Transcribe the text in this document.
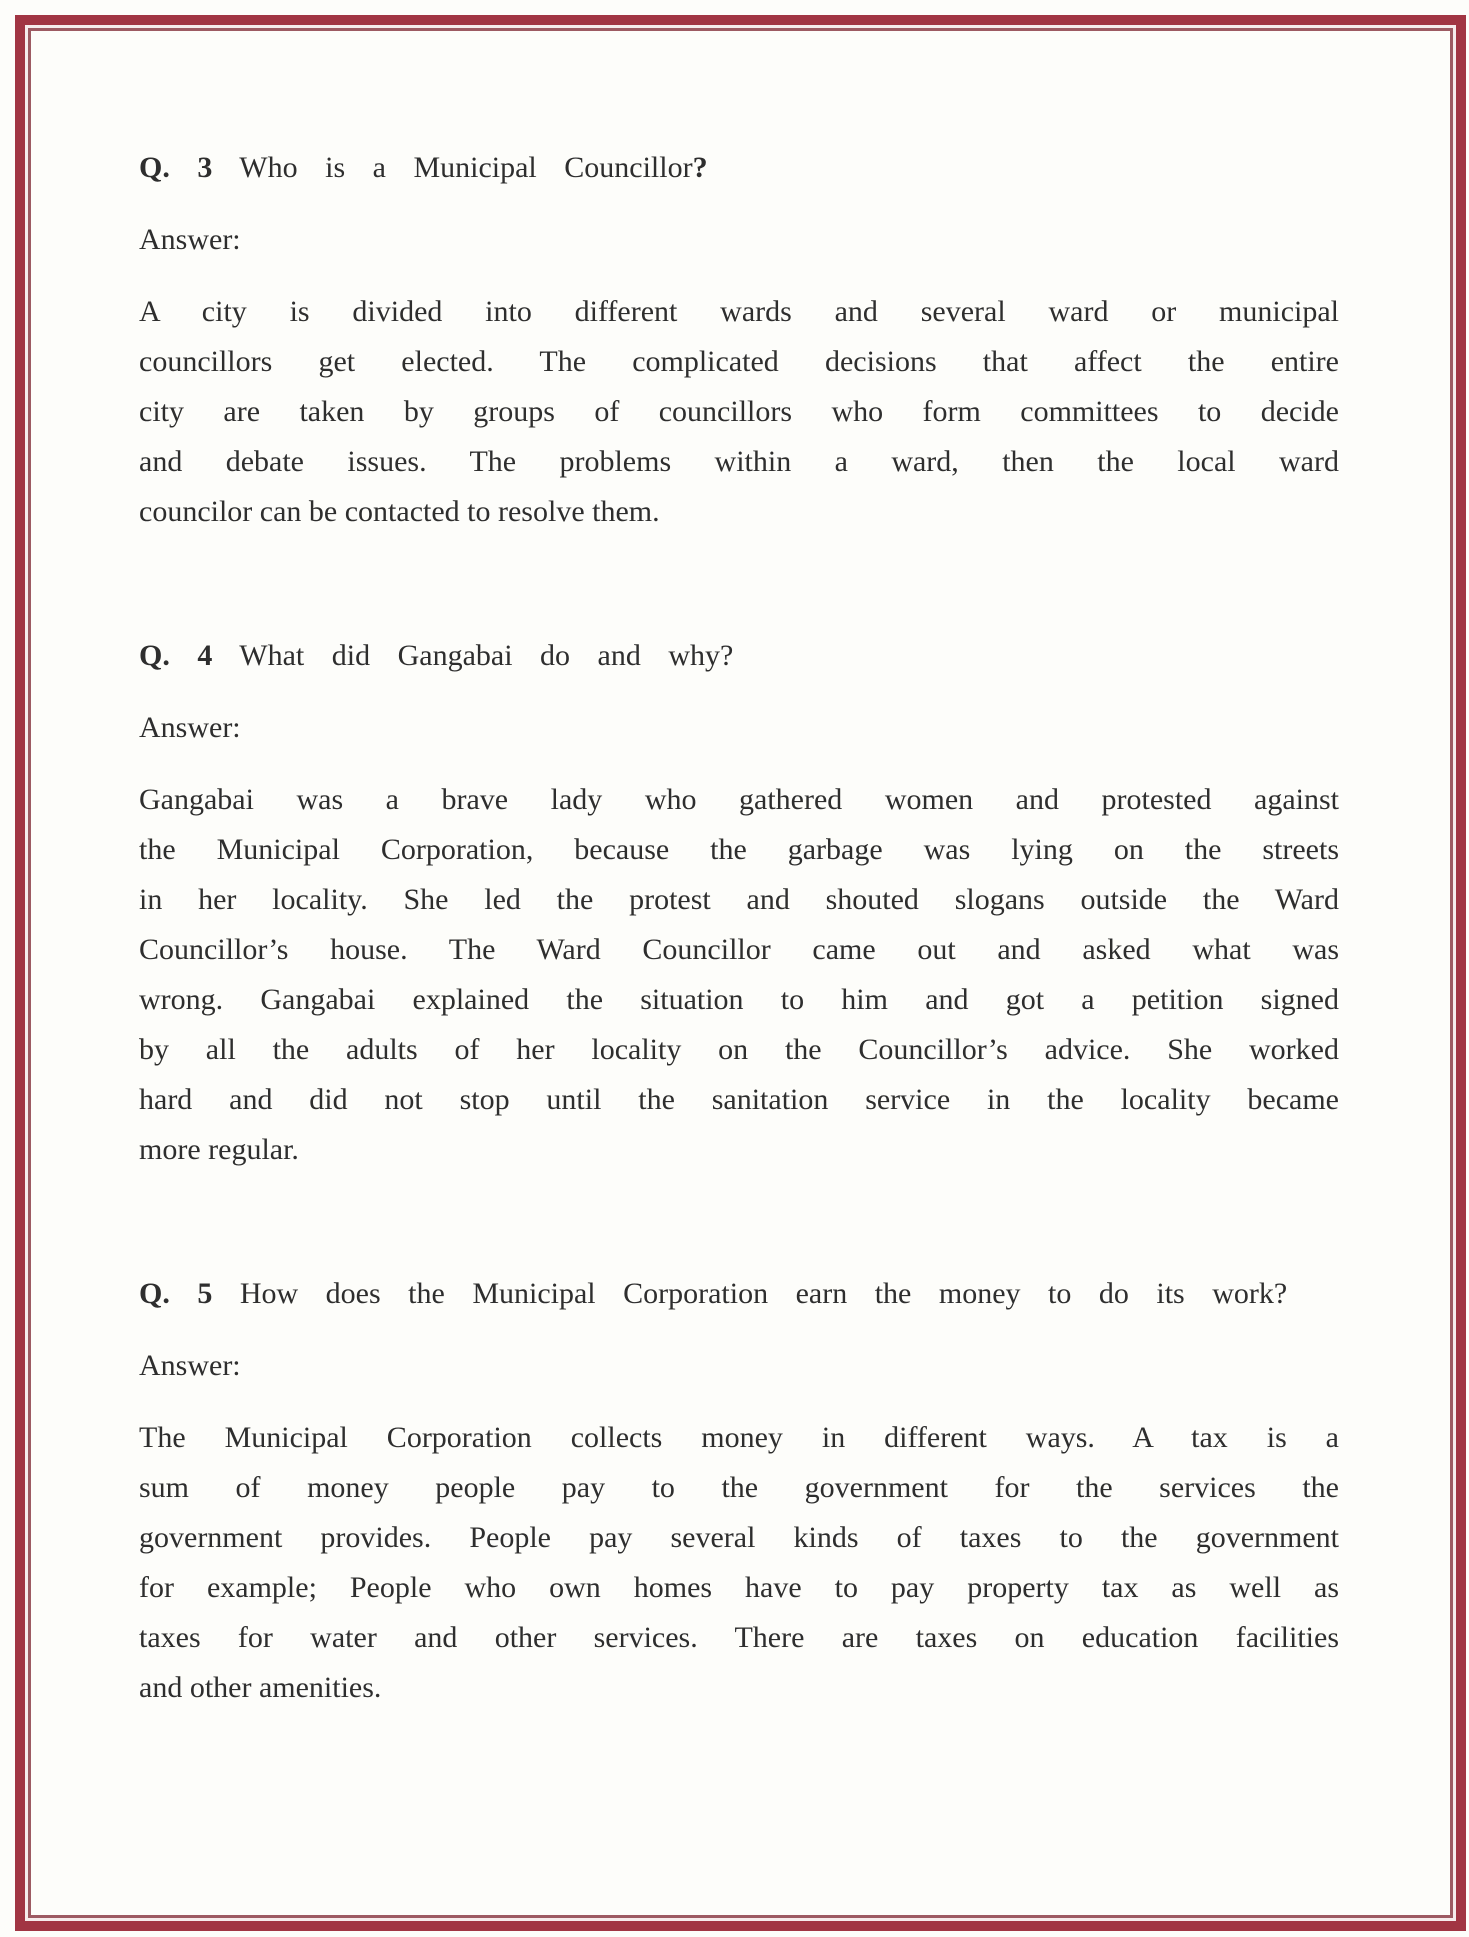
Q. 3 Who is a Municipal Councillor?
Answer:
A city is divided into different wards and several ward or municipal
councillors get elected. The complicated decisions that affect the entire
city are taken by groups of councillors who form committees to decide
and debate issues. The problems within a ward, then the local ward
councilor can be contacted to resolve them.
Q. 4 What did Gangabai do and why?
Answer:
Gangabai was a brave lady who gathered women and protested against
the Municipal Corporation, because the garbage was lying on the streets
in her locality. She led the protest and shouted slogans outside the Ward
Councillor’s house. The Ward Councillor came out and asked what was
wrong. Gangabai explained the situation to him and got a petition signed
by all the adults of her locality on the Councillor’s advice. She worked
hard and did not stop until the sanitation service in the locality became
more regular.
Q. 5 How does the Municipal Corporation earn the money to do its work?
Answer:
The Municipal Corporation collects money in different ways. A tax is a
sum of money people pay to the government for the services the
government provides. People pay several kinds of taxes to the government
for example; People who own homes have to pay property tax as well as
taxes for water and other services. There are taxes on education facilities
and other amenities.
